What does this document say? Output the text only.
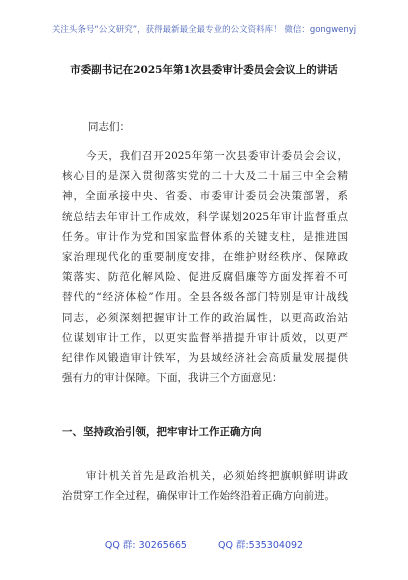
关注头条号“公文研究”，获得最新最全最专业的公文资料库！ 微信：gongwenyj
市委副书记在2025年第1次县委审计委员会会议上的讲话
同志们：
今天，我们召开2025年第一次县委审计委员会会议，
核心目的是深入贯彻落实党的二十大及二十届三中全会精
神，全面承接中央、省委、市委审计委员会决策部署，系
统总结去年审计工作成效，科学谋划2025年审计监督重点
任务。审计作为党和国家监督体系的关键支柱，是推进国
家治理现代化的重要制度安排，在维护财经秩序、保障政
策落实、防范化解风险、促进反腐倡廉等方面发挥着不可
替代的“经济体检”作用。全县各级各部门特别是审计战线
同志，必须深刻把握审计工作的政治属性，以更高政治站
位谋划审计工作，以更实监督举措提升审计质效，以更严
纪律作风锻造审计铁军，为县域经济社会高质量发展提供
强有力的审计保障。下面，我讲三个方面意见：
一、坚持政治引领，把牢审计工作正确方向
审计机关首先是政治机关，必须始终把旗帜鲜明讲政
治贯穿工作全过程，确保审计工作始终沿着正确方向前进。
QQ 群: 30265665	QQ 群:535304092
